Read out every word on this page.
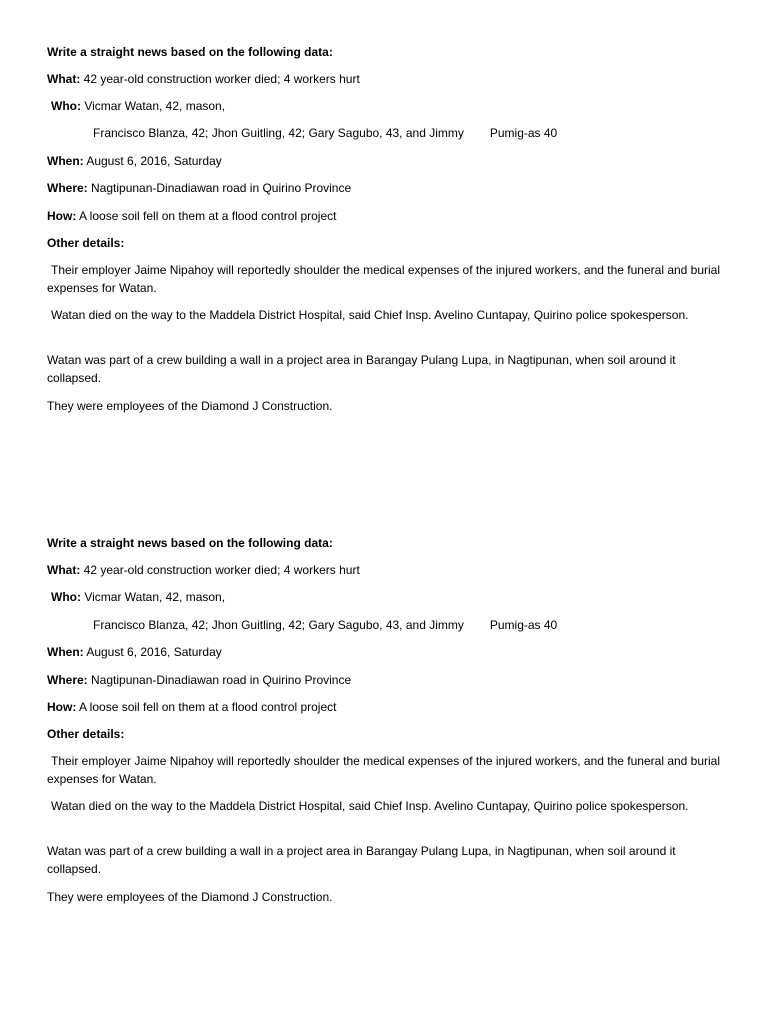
Write a straight news based on the following data:
What: 42 year-old construction worker died; 4 workers hurt
Who: Vicmar Watan, 42, mason,
Francisco Blanza, 42; Jhon Guitling, 42; Gary Sagubo, 43, and Jimmy Pumig-as 40
When: August 6, 2016, Saturday
Where: Nagtipunan-Dinadiawan road in Quirino Province
How: A loose soil fell on them at a flood control project
Other details:
Their employer Jaime Nipahoy will reportedly shoulder the medical expenses of the injured workers, and the funeral and burial expenses for Watan.
Watan died on the way to the Maddela District Hospital, said Chief Insp. Avelino Cuntapay, Quirino police spokesperson.
Watan was part of a crew building a wall in a project area in Barangay Pulang Lupa, in Nagtipunan, when soil around it collapsed.
They were employees of the Diamond J Construction.
Write a straight news based on the following data:
What: 42 year-old construction worker died; 4 workers hurt
Who: Vicmar Watan, 42, mason,
Francisco Blanza, 42; Jhon Guitling, 42; Gary Sagubo, 43, and Jimmy Pumig-as 40
When: August 6, 2016, Saturday
Where: Nagtipunan-Dinadiawan road in Quirino Province
How: A loose soil fell on them at a flood control project
Other details:
Their employer Jaime Nipahoy will reportedly shoulder the medical expenses of the injured workers, and the funeral and burial expenses for Watan.
Watan died on the way to the Maddela District Hospital, said Chief Insp. Avelino Cuntapay, Quirino police spokesperson.
Watan was part of a crew building a wall in a project area in Barangay Pulang Lupa, in Nagtipunan, when soil around it collapsed.
They were employees of the Diamond J Construction.
